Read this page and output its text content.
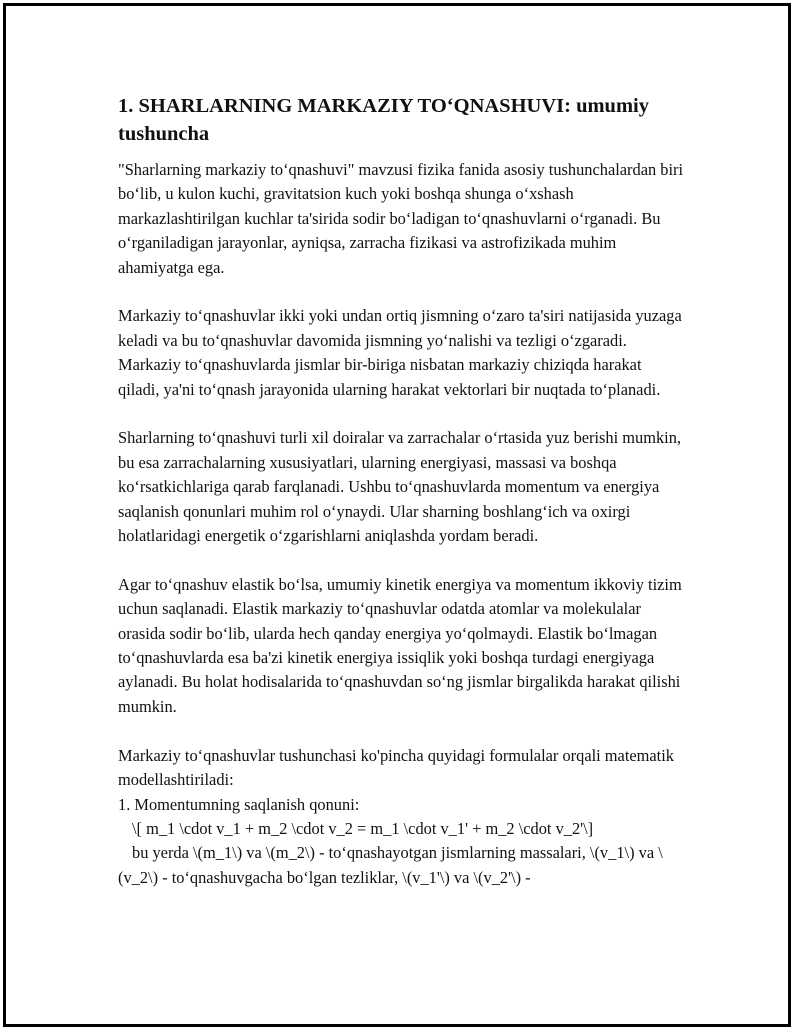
1. SHARLARNING MARKAZIY TO‘QNASHUVI: umumiy tushuncha

"Sharlarning markaziy to‘qnashuvi" mavzusi fizika fanida asosiy tushunchalardan biri bo‘lib, u kulon kuchi, gravitatsion kuch yoki boshqa shunga o‘xshash markazlashtirilgan kuchlar ta'sirida sodir bo‘ladigan to‘qnashuvlarni o‘rganadi. Bu o‘rganiladigan jarayonlar, ayniqsa, zarracha fizikasi va astrofizikada muhim ahamiyatga ega.

Markaziy to‘qnashuvlar ikki yoki undan ortiq jismning o‘zaro ta'siri natijasida yuzaga keladi va bu to‘qnashuvlar davomida jismning yo‘nalishi va tezligi o‘zgaradi. Markaziy to‘qnashuvlarda jismlar bir-biriga nisbatan markaziy chiziqda harakat qiladi, ya'ni to‘qnash jarayonida ularning harakat vektorlari bir nuqtada to‘planadi.

Sharlarning to‘qnashuvi turli xil doiralar va zarrachalar o‘rtasida yuz berishi mumkin, bu esa zarrachalarning xususiyatlari, ularning energiyasi, massasi va boshqa ko‘rsatkichlariga qarab farqlanadi. Ushbu to‘qnashuvlarda momentum va energiya saqlanish qonunlari muhim rol o‘ynaydi. Ular sharning boshlang‘ich va oxirgi holatlaridagi energetik o‘zgarishlarni aniqlashda yordam beradi.

Agar to‘qnashuv elastik bo‘lsa, umumiy kinetik energiya va momentum ikkoviy tizim uchun saqlanadi. Elastik markaziy to‘qnashuvlar odatda atomlar va molekulalar orasida sodir bo‘lib, ularda hech qanday energiya yo‘qolmaydi. Elastik bo‘lmagan to‘qnashuvlarda esa ba'zi kinetik energiya issiqlik yoki boshqa turdagi energiyaga aylanadi. Bu holat hodisalarida to‘qnashuvdan so‘ng jismlar birgalikda harakat qilishi mumkin.

Markaziy to‘qnashuvlar tushunchasi ko'pincha quyidagi formulalar orqali matematik modellashtiriladi:
1. Momentumning saqlanish qonuni:
\[ m_1 \cdot v_1 + m_2 \cdot v_2 = m_1 \cdot v_1' + m_2 \cdot v_2'\]
bu yerda \(m_1\) va \(m_2\) - to‘qnashayotgan jismlarning massalari, \(v_1\) va \(v_2\) - to‘qnashuvgacha bo‘lgan tezliklar, \(v_1'\) va \(v_2'\) -
